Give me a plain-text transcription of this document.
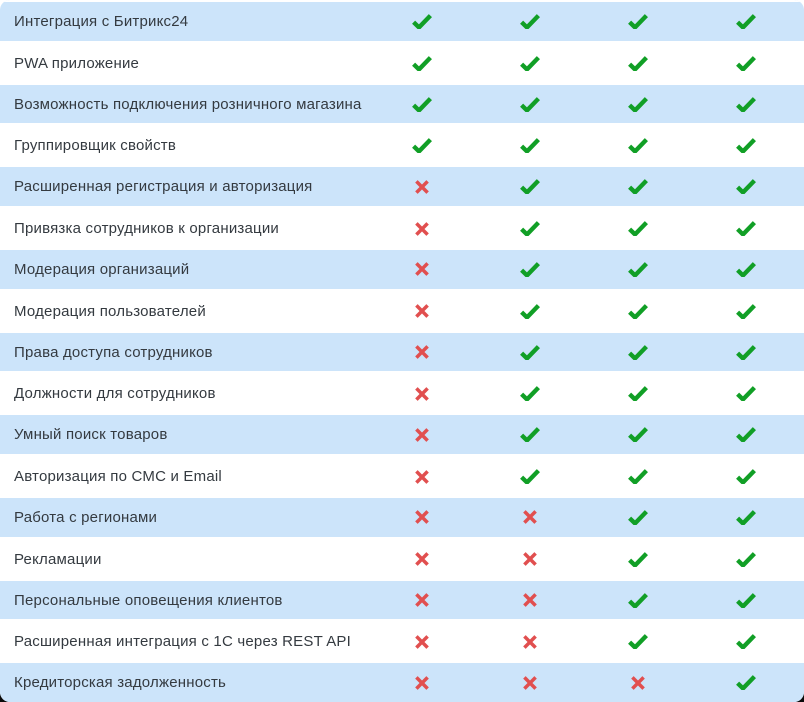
Интеграция с Битрикс24
PWA приложение
Возможность подключения розничного магазина
Группировщик свойств
Расширенная регистрация и авторизация
Привязка сотрудников к организации
Модерация организаций
Модерация пользователей
Права доступа сотрудников
Должности для сотрудников
Умный поиск товаров
Авторизация по СМС и Email
Работа с регионами
Рекламации
Персональные оповещения клиентов
Расширенная интеграция с 1С через REST API
Кредиторская задолженность
